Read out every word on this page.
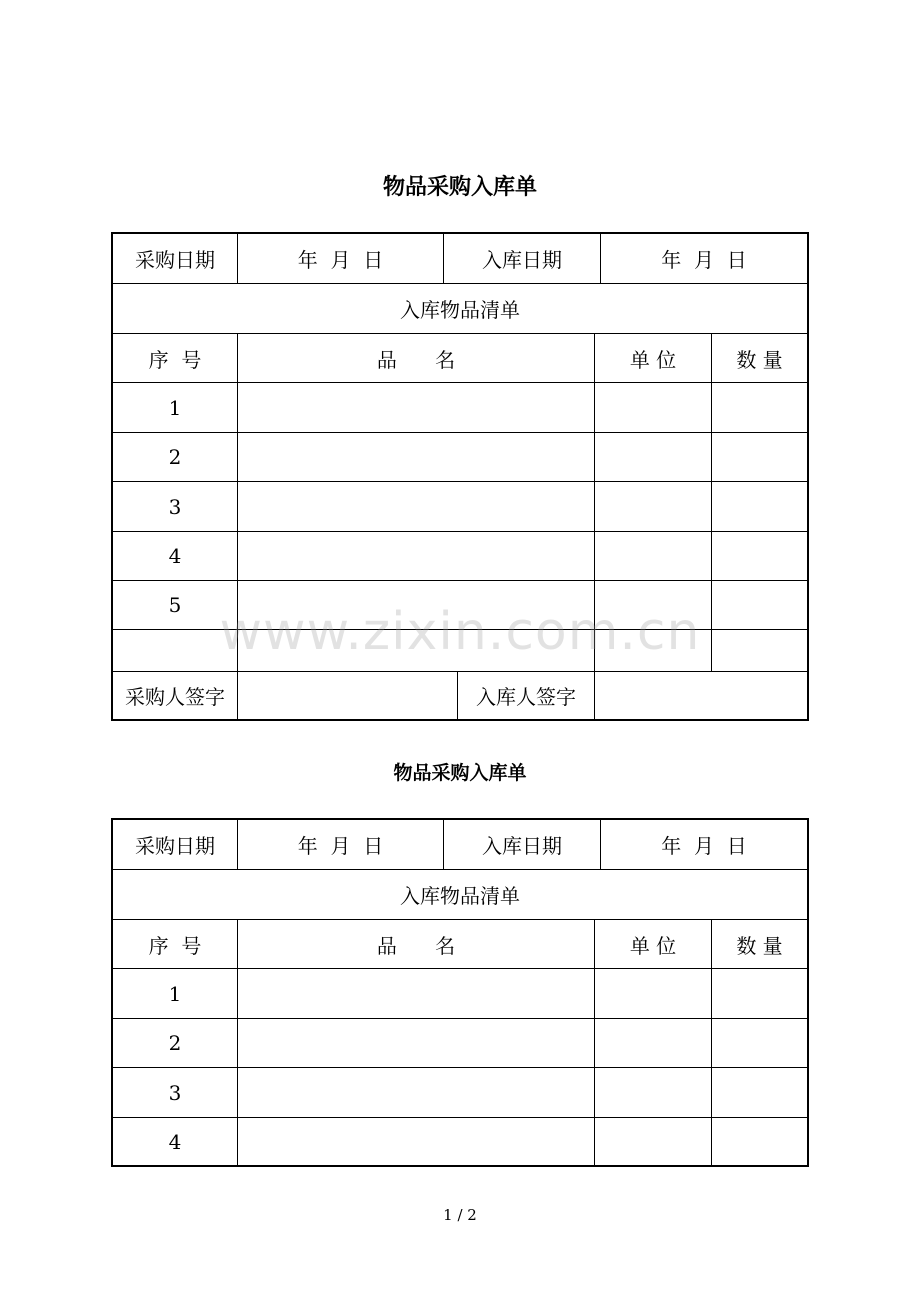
物品采购入库单
采购日期	年  月  日	入库日期	年  月  日
入库物品清单
序  号	品      名	单 位	数 量
1
2
3
4
5
采购人签字	入库人签字
www.zixin.com.cn
物品采购入库单
采购日期	年  月  日	入库日期	年  月  日
入库物品清单
序  号	品      名	单 位	数 量
1
2
3
4
1 / 2
